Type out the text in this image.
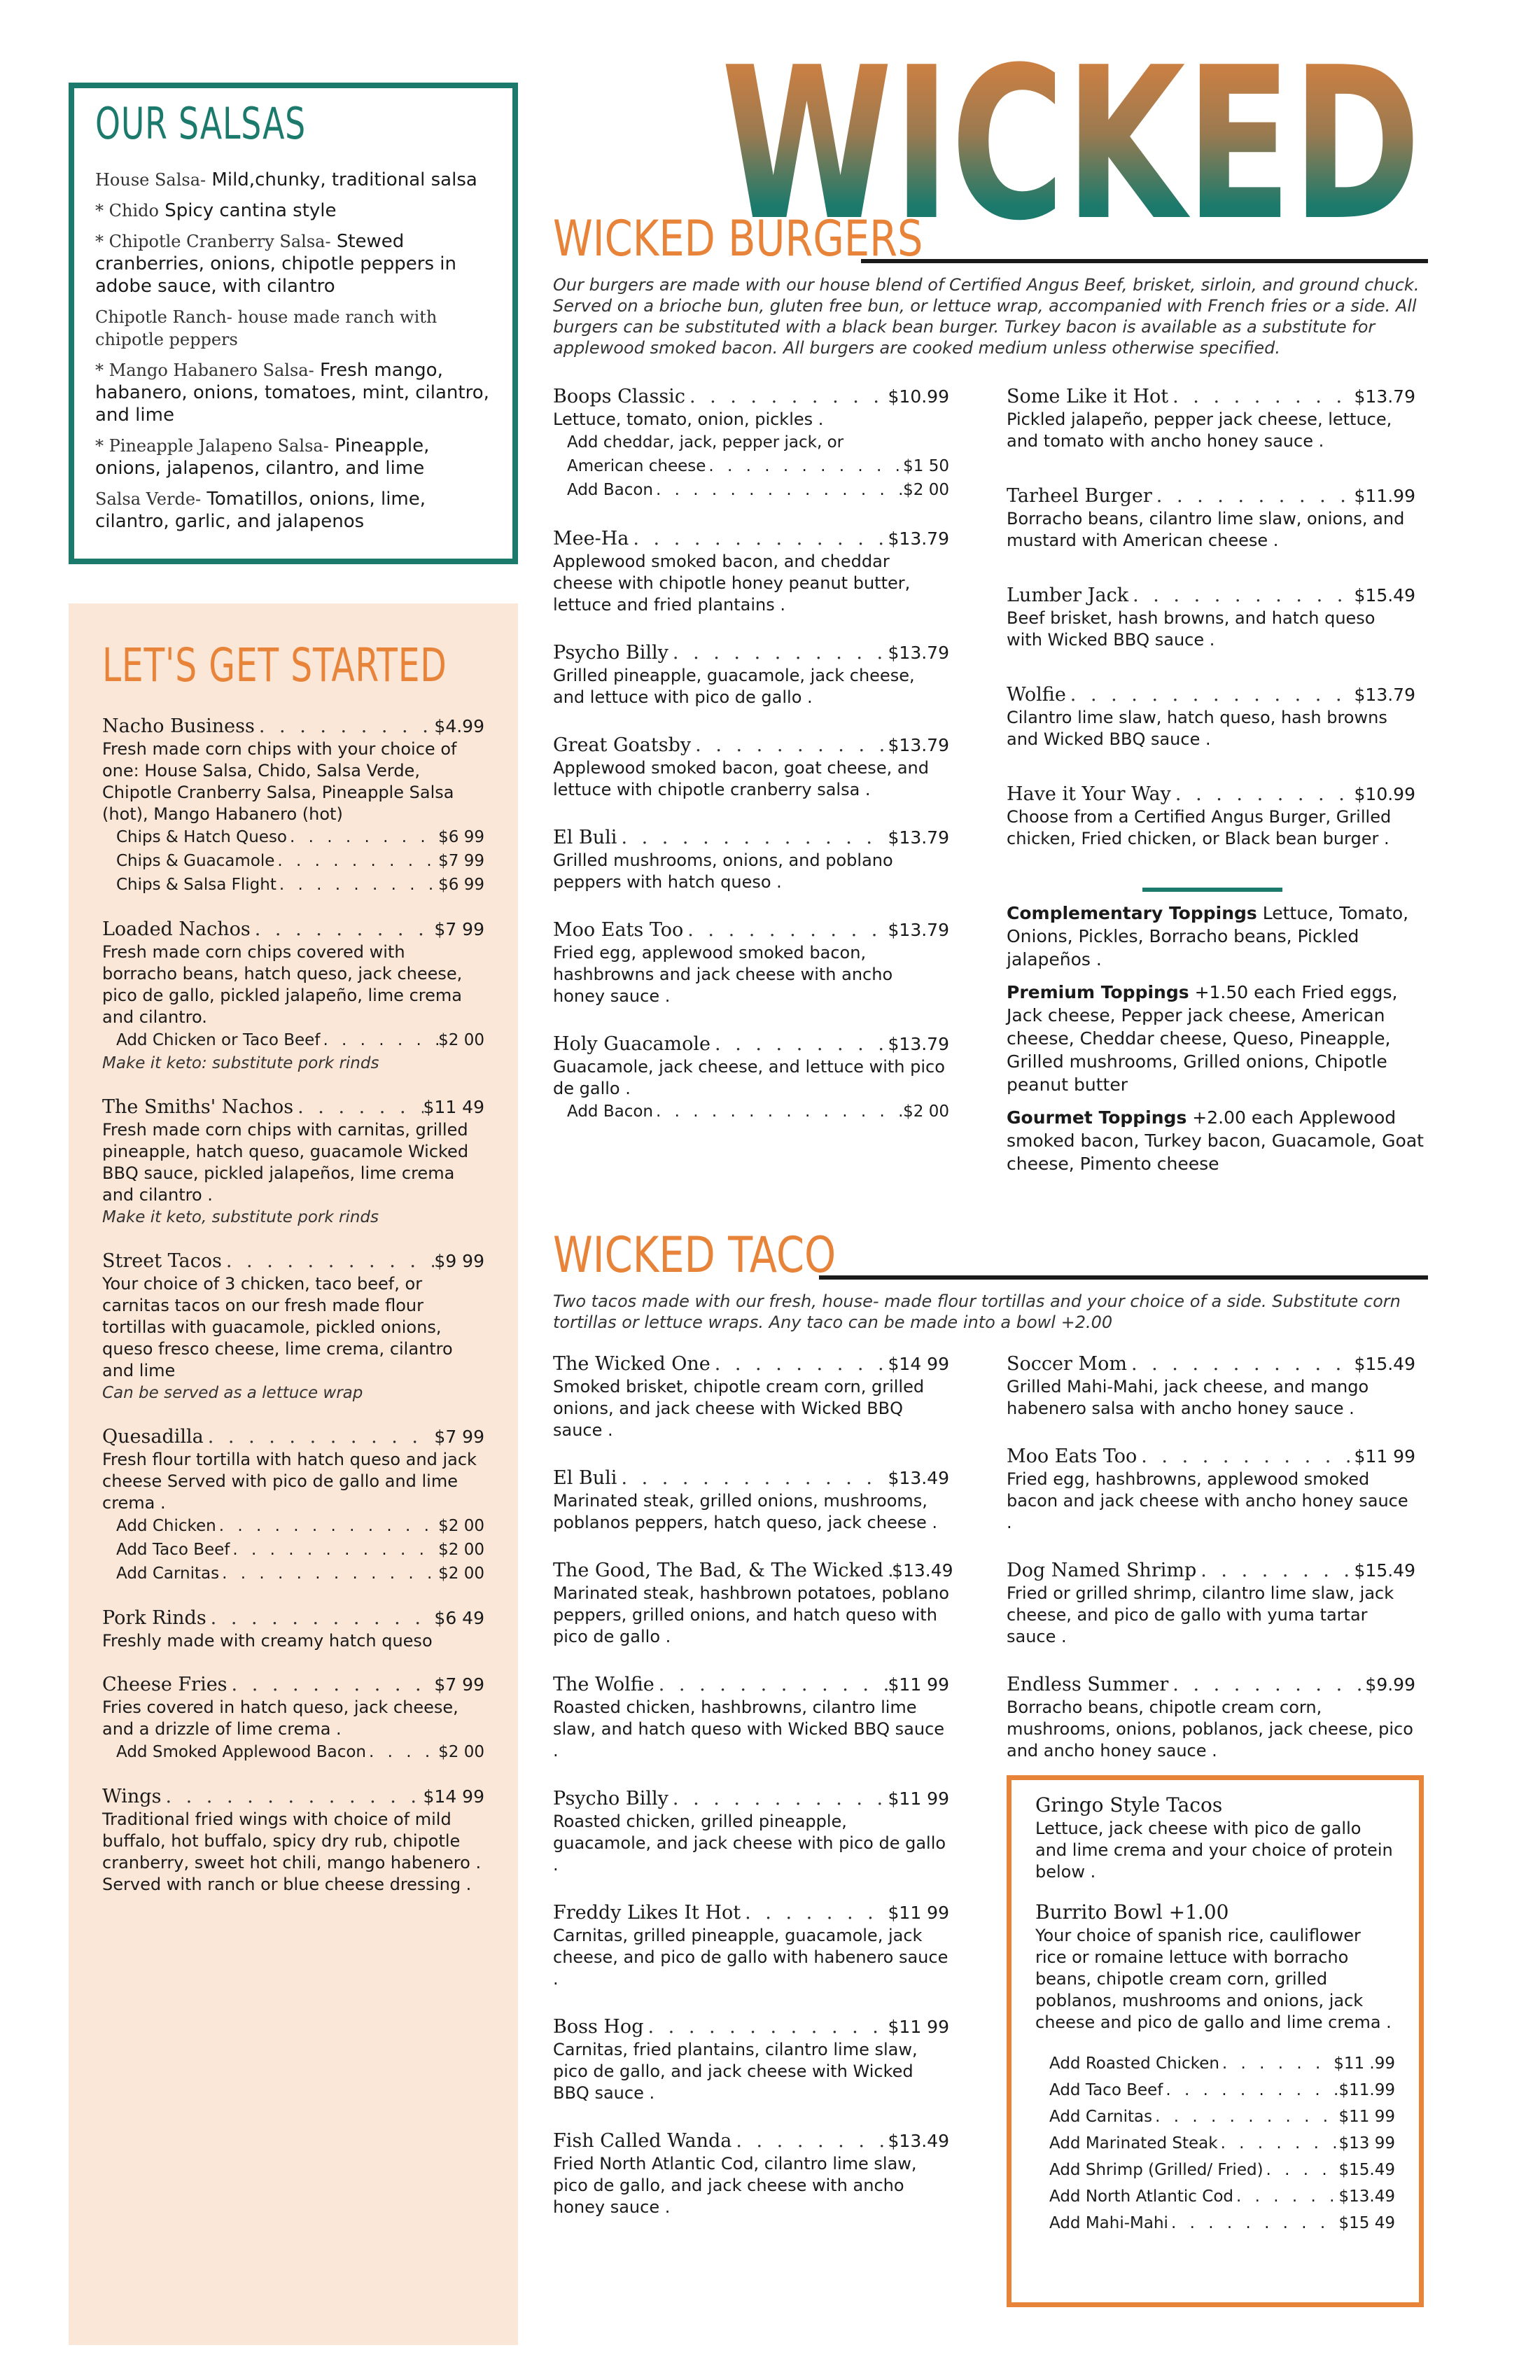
OUR SALSAS
House Salsa- Mild,chunky, traditional salsa
* Chido Spicy cantina style
* Chipotle Cranberry Salsa- Stewed cranberries, onions, chipotle peppers in adobe sauce, with cilantro
Chipotle Ranch- house made ranch with chipotle peppers
* Mango Habanero Salsa- Fresh mango, habanero, onions, tomatoes, mint, cilantro, and lime
* Pineapple Jalapeno Salsa- Pineapple, onions, jalapenos, cilantro, and lime
Salsa Verde- Tomatillos, onions, lime, cilantro, garlic, and jalapenos
LET'S GET STARTED
Nacho Business . . .	$4.99
Fresh made corn chips with your choice of one: House Salsa, Chido, Salsa Verde, Chipotle Cranberry Salsa, Pineapple Salsa (hot), Mango Habanero (hot)
Chips & Hatch Queso . . .	$6 99
Chips & Guacamole . . .	$7 99
Chips & Salsa Flight . . .	$6 99
Loaded Nachos . . .	$7 99
Fresh made corn chips covered with borracho beans, hatch queso, jack cheese, pico de gallo, pickled jalapeño, lime crema and cilantro.
Add Chicken or Taco Beef . . .	$2 00
Make it keto: substitute pork rinds
The Smiths' Nachos . . .	$11 49
Fresh made corn chips with carnitas, grilled pineapple, hatch queso, guacamole Wicked BBQ sauce, pickled jalapeños, lime crema and cilantro .
Make it keto, substitute pork rinds
Street Tacos . . .	$9 99
Your choice of 3 chicken, taco beef, or carnitas tacos on our fresh made flour tortillas with guacamole, pickled onions, queso fresco cheese, lime crema, cilantro and lime
Can be served as a lettuce wrap
Quesadilla . . .	$7 99
Fresh flour tortilla with hatch queso and jack cheese Served with pico de gallo and lime crema .
Add Chicken . . .	$2 00
Add Taco Beef . . .	$2 00
Add Carnitas . . .	$2 00
Pork Rinds . . .	$6 49
Freshly made with creamy hatch queso
Cheese Fries . . .	$7 99
Fries covered in hatch queso, jack cheese, and a drizzle of lime crema .
Add Smoked Applewood Bacon . . .	$2 00
Wings . . .	$14 99
Traditional fried wings with choice of mild buffalo, hot buffalo, spicy dry rub, chipotle cranberry, sweet hot chili, mango habenero . Served with ranch or blue cheese dressing .
WICKED
WICKED BURGERS
Our burgers are made with our house blend of Certified Angus Beef, brisket, sirloin, and ground chuck. Served on a brioche bun, gluten free bun, or lettuce wrap, accompanied with French fries or a side. All burgers can be substituted with a black bean burger. Turkey bacon is available as a substitute for applewood smoked bacon. All burgers are cooked medium unless otherwise specified.
Boops Classic . . .	$10.99
Lettuce, tomato, onion, pickles .
Add cheddar, jack, pepper jack, or
American cheese . . .	$1 50
Add Bacon . . .	$2 00
Mee-Ha . . .	$13.79
Applewood smoked bacon, and cheddar cheese with chipotle honey peanut butter, lettuce and fried plantains .
Psycho Billy . . .	$13.79
Grilled pineapple, guacamole, jack cheese, and lettuce with pico de gallo .
Great Goatsby . . .	$13.79
Applewood smoked bacon, goat cheese, and lettuce with chipotle cranberry salsa .
El Buli . . .	$13.79
Grilled mushrooms, onions, and poblano peppers with hatch queso .
Moo Eats Too . . .	$13.79
Fried egg, applewood smoked bacon, hashbrowns and jack cheese with ancho honey sauce .
Holy Guacamole . . .	$13.79
Guacamole, jack cheese, and lettuce with pico de gallo .
Add Bacon . . .	$2 00
Some Like it Hot . . .	$13.79
Pickled jalapeño, pepper jack cheese, lettuce, and tomato with ancho honey sauce .
Tarheel Burger . . .	$11.99
Borracho beans, cilantro lime slaw, onions, and mustard with American cheese .
Lumber Jack . . .	$15.49
Beef brisket, hash browns, and hatch queso with Wicked BBQ sauce .
Wolfie . . .	$13.79
Cilantro lime slaw, hatch queso, hash browns and Wicked BBQ sauce .
Have it Your Way . . .	$10.99
Choose from a Certified Angus Burger, Grilled chicken, Fried chicken, or Black bean burger .
Complementary Toppings Lettuce, Tomato, Onions, Pickles, Borracho beans, Pickled jalapeños .
Premium Toppings +1.50 each Fried eggs, Jack cheese, Pepper jack cheese, American cheese, Cheddar cheese, Queso, Pineapple, Grilled mushrooms, Grilled onions, Chipotle peanut butter
Gourmet Toppings +2.00 each Applewood smoked bacon, Turkey bacon, Guacamole, Goat cheese, Pimento cheese
WICKED TACO
Two tacos made with our fresh, house- made flour tortillas and your choice of a side. Substitute corn tortillas or lettuce wraps. Any taco can be made into a bowl +2.00
The Wicked One . . .	$14 99
Smoked brisket, chipotle cream corn, grilled onions, and jack cheese with Wicked BBQ sauce .
El Buli . . .	$13.49
Marinated steak, grilled onions, mushrooms, poblanos peppers, hatch queso, jack cheese .
The Good, The Bad, & The Wicked . . . $13.49
Marinated steak, hashbrown potatoes, poblano peppers, grilled onions, and hatch queso with pico de gallo .
The Wolfie . . .	$11 99
Roasted chicken, hashbrowns, cilantro lime slaw, and hatch queso with Wicked BBQ sauce .
Psycho Billy . . .	$11 99
Roasted chicken, grilled pineapple, guacamole, and jack cheese with pico de gallo .
Freddy Likes It Hot . . .	$11 99
Carnitas, grilled pineapple, guacamole, jack cheese, and pico de gallo with habenero sauce .
Boss Hog . . .	$11 99
Carnitas, fried plantains, cilantro lime slaw, pico de gallo, and jack cheese with Wicked BBQ sauce .
Fish Called Wanda . . .	$13.49
Fried North Atlantic Cod, cilantro lime slaw, pico de gallo, and jack cheese with ancho honey sauce .
Soccer Mom . . .	$15.49
Grilled Mahi-Mahi, jack cheese, and mango habenero salsa with ancho honey sauce .
Moo Eats Too . . .	$11 99
Fried egg, hashbrowns, applewood smoked bacon and jack cheese with ancho honey sauce .
Dog Named Shrimp . . .	$15.49
Fried or grilled shrimp, cilantro lime slaw, jack cheese, and pico de gallo with yuma tartar sauce .
Endless Summer . . .	$9.99
Borracho beans, chipotle cream corn, mushrooms, onions, poblanos, jack cheese, pico and ancho honey sauce .
Gringo Style Tacos
Lettuce, jack cheese with pico de gallo and lime crema and your choice of protein below .
Burrito Bowl +1.00
Your choice of spanish rice, cauliflower rice or romaine lettuce with borracho beans, chipotle cream corn, grilled poblanos, mushrooms and onions, jack cheese and pico de gallo and lime crema .
Add Roasted Chicken . . .	$11 .99
Add Taco Beef . . .	$11.99
Add Carnitas . . .	$11 99
Add Marinated Steak . . .	$13 99
Add Shrimp (Grilled/ Fried) . . .	$15.49
Add North Atlantic Cod . . .	$13.49
Add Mahi-Mahi . . .	$15 49
